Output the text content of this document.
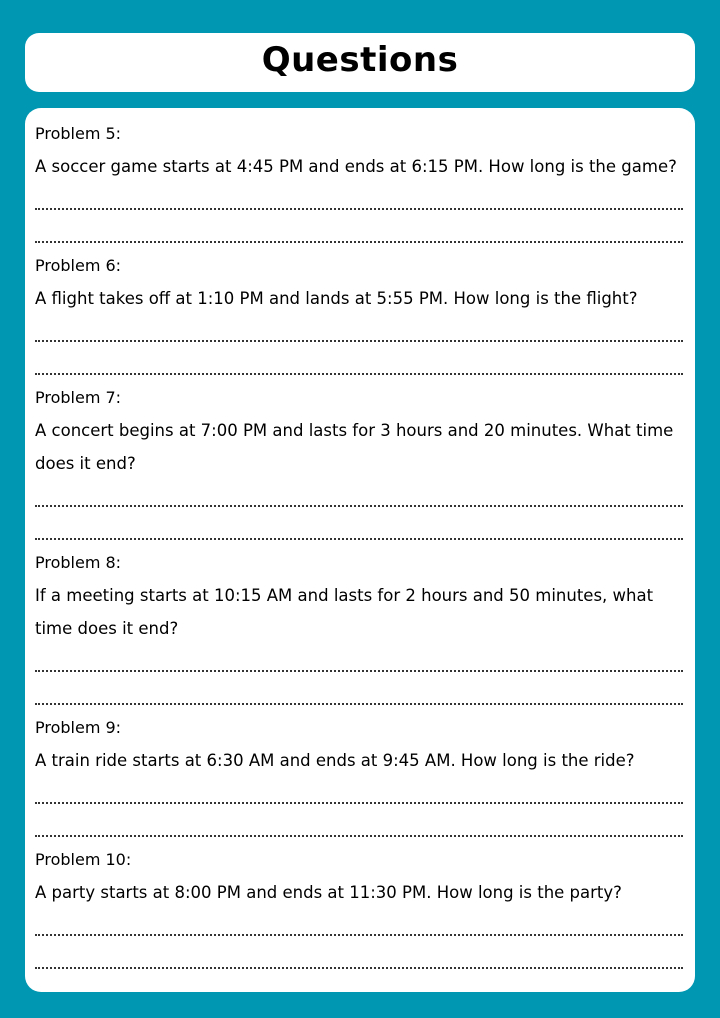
Questions
Problem 5:

A soccer game starts at 4:45 PM and ends at 6:15 PM. How long is the game?

Problem 6:

A flight takes off at 1:10 PM and lands at 5:55 PM. How long is the flight?

Problem 7:

A concert begins at 7:00 PM and lasts for 3 hours and 20 minutes. What time does it end?

Problem 8:

If a meeting starts at 10:15 AM and lasts for 2 hours and 50 minutes, what time does it end?

Problem 9:

A train ride starts at 6:30 AM and ends at 9:45 AM. How long is the ride?

Problem 10:

A party starts at 8:00 PM and ends at 11:30 PM. How long is the party?
